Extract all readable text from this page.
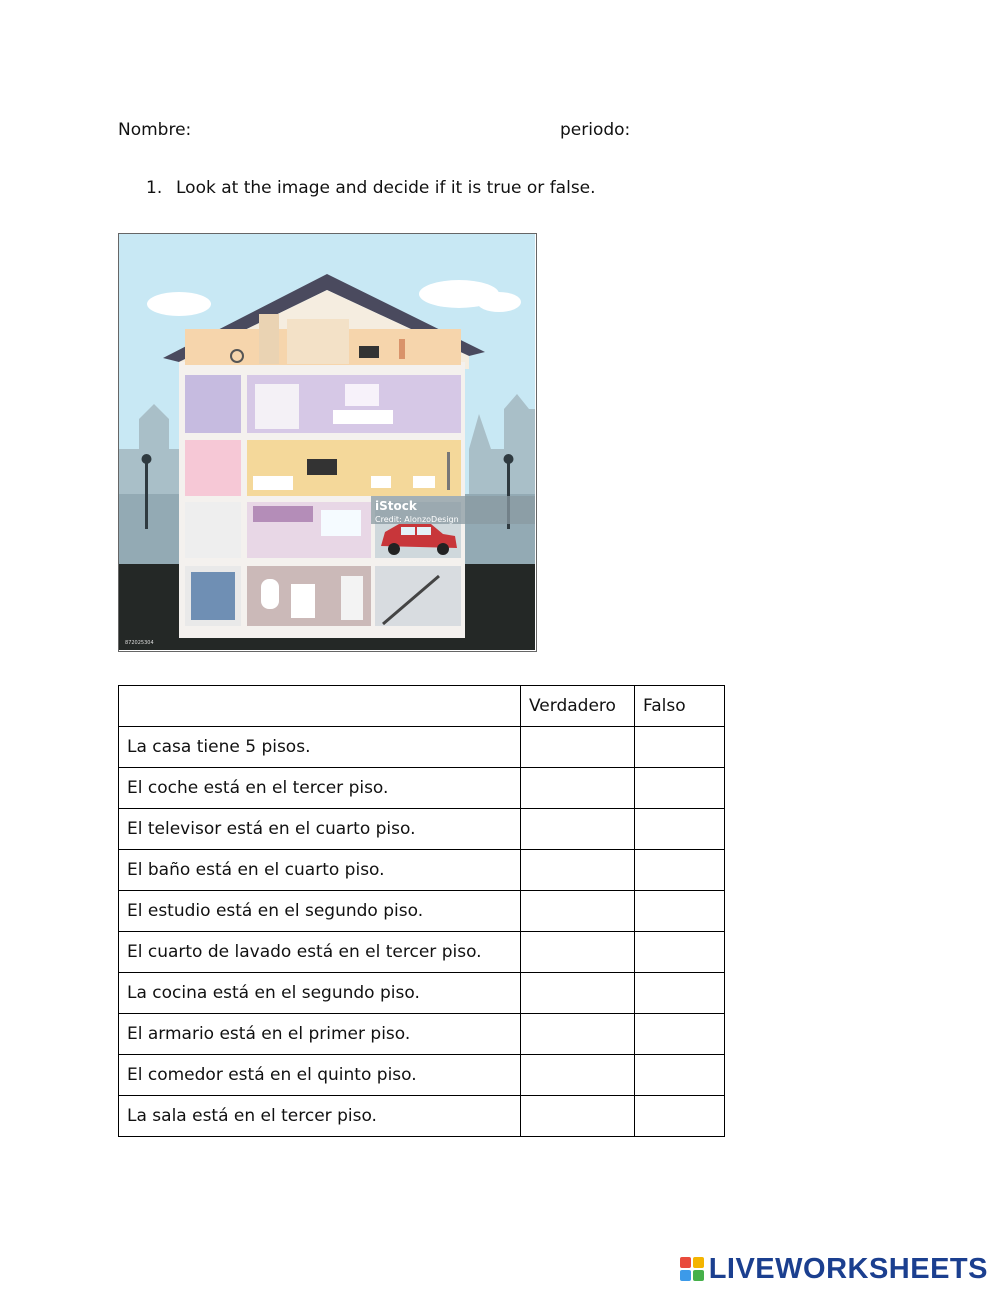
Nombre:	periodo:
1. Look at the image and decide if it is true or false.
iStock
Credit: AlonzoDesign
872025304
	Verdadero	Falso
La casa tiene 5 pisos.		
El coche está en el tercer piso.		
El televisor está en el cuarto piso.		
El baño está en el cuarto piso.		
El estudio está en el segundo piso.		
El cuarto de lavado está en el tercer piso.		
La cocina está en el segundo piso.		
El armario está en el primer piso.		
El comedor está en el quinto piso.		
La sala está en el tercer piso.		
LIVEWORKSHEETS
